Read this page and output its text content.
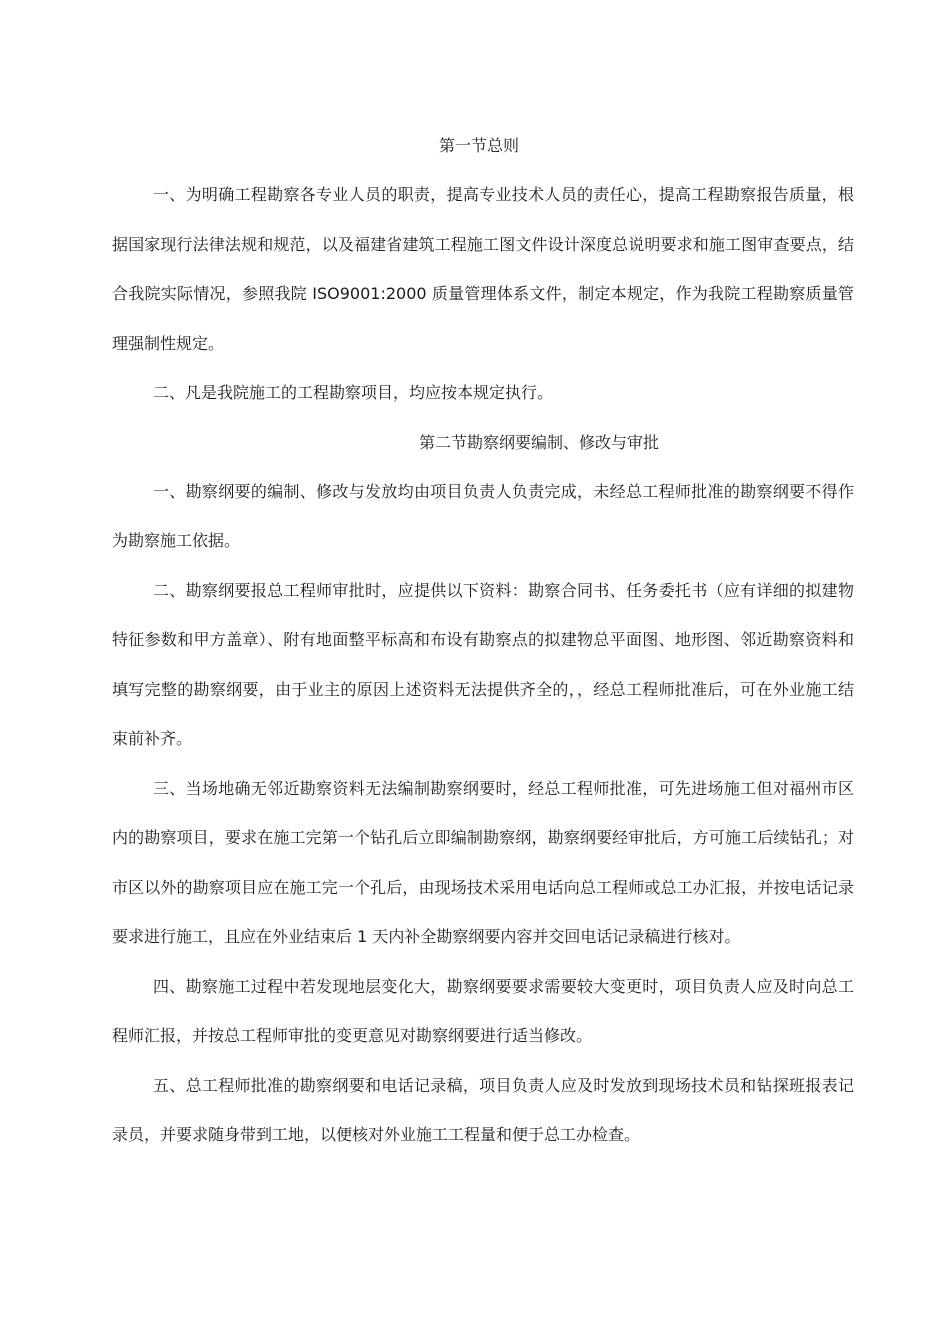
第一节总则

一、为明确工程勘察各专业人员的职责，提高专业技术人员的责任心，提高工程勘察报告质量，根据国家现行法律法规和规范，以及福建省建筑工程施工图文件设计深度总说明要求和施工图审查要点，结合我院实际情况，参照我院 ISO9001:2000 质量管理体系文件，制定本规定，作为我院工程勘察质量管理强制性规定。

二、凡是我院施工的工程勘察项目，均应按本规定执行。

第二节勘察纲要编制、修改与审批

一、勘察纲要的编制、修改与发放均由项目负责人负责完成，未经总工程师批准的勘察纲要不得作为勘察施工依据。

二、勘察纲要报总工程师审批时，应提供以下资料：勘察合同书、任务委托书（应有详细的拟建物特征参数和甲方盖章）、附有地面整平标高和布设有勘察点的拟建物总平面图、地形图、邻近勘察资料和填写完整的勘察纲要，由于业主的原因上述资料无法提供齐全的，，经总工程师批准后，可在外业施工结束前补齐。

三、当场地确无邻近勘察资料无法编制勘察纲要时，经总工程师批准，可先进场施工但对福州市区内的勘察项目，要求在施工完第一个钻孔后立即编制勘察纲，勘察纲要经审批后，方可施工后续钻孔；对市区以外的勘察项目应在施工完一个孔后，由现场技术采用电话向总工程师或总工办汇报，并按电话记录要求进行施工，且应在外业结束后 1 天内补全勘察纲要内容并交回电话记录稿进行核对。

四、勘察施工过程中若发现地层变化大，勘察纲要要求需要较大变更时，项目负责人应及时向总工程师汇报，并按总工程师审批的变更意见对勘察纲要进行适当修改。

五、总工程师批准的勘察纲要和电话记录稿，项目负责人应及时发放到现场技术员和钻探班报表记录员，并要求随身带到工地，以便核对外业施工工程量和便于总工办检查。
